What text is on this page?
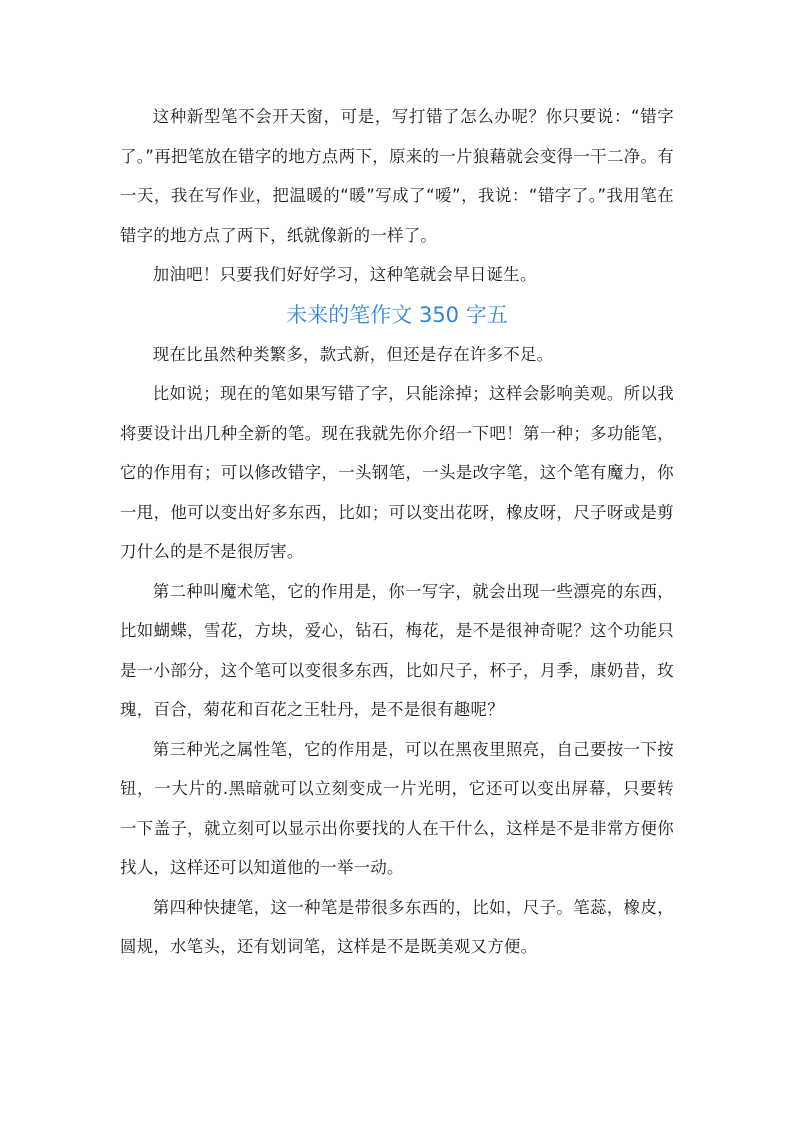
这种新型笔不会开天窗，可是，写打错了怎么办呢？你只要说：“错字了。”再把笔放在错字的地方点两下，原来的一片狼藉就会变得一干二净。有一天，我在写作业，把温暖的“暖”写成了“嗳”，我说：“错字了。”我用笔在错字的地方点了两下，纸就像新的一样了。

加油吧！只要我们好好学习，这种笔就会早日诞生。

未来的笔作文 350 字五

现在比虽然种类繁多，款式新，但还是存在许多不足。

比如说；现在的笔如果写错了字，只能涂掉；这样会影响美观。所以我将要设计出几种全新的笔。现在我就先你介绍一下吧！第一种；多功能笔，它的作用有；可以修改错字，一头钢笔，一头是改字笔，这个笔有魔力，你一甩，他可以变出好多东西，比如；可以变出花呀，橡皮呀，尺子呀或是剪刀什么的是不是很厉害。

第二种叫魔术笔，它的作用是，你一写字，就会出现一些漂亮的东西，比如蝴蝶，雪花，方块，爱心，钻石，梅花，是不是很神奇呢？这个功能只是一小部分，这个笔可以变很多东西，比如尺子，杯子，月季，康奶昔，玫瑰，百合，菊花和百花之王牡丹，是不是很有趣呢？

第三种光之属性笔，它的作用是，可以在黑夜里照亮，自己要按一下按钮，一大片的.黑暗就可以立刻变成一片光明，它还可以变出屏幕，只要转一下盖子，就立刻可以显示出你要找的人在干什么，这样是不是非常方便你找人，这样还可以知道他的一举一动。

第四种快捷笔，这一种笔是带很多东西的，比如，尺子。笔蕊，橡皮，圆规，水笔头，还有划词笔，这样是不是既美观又方便。
